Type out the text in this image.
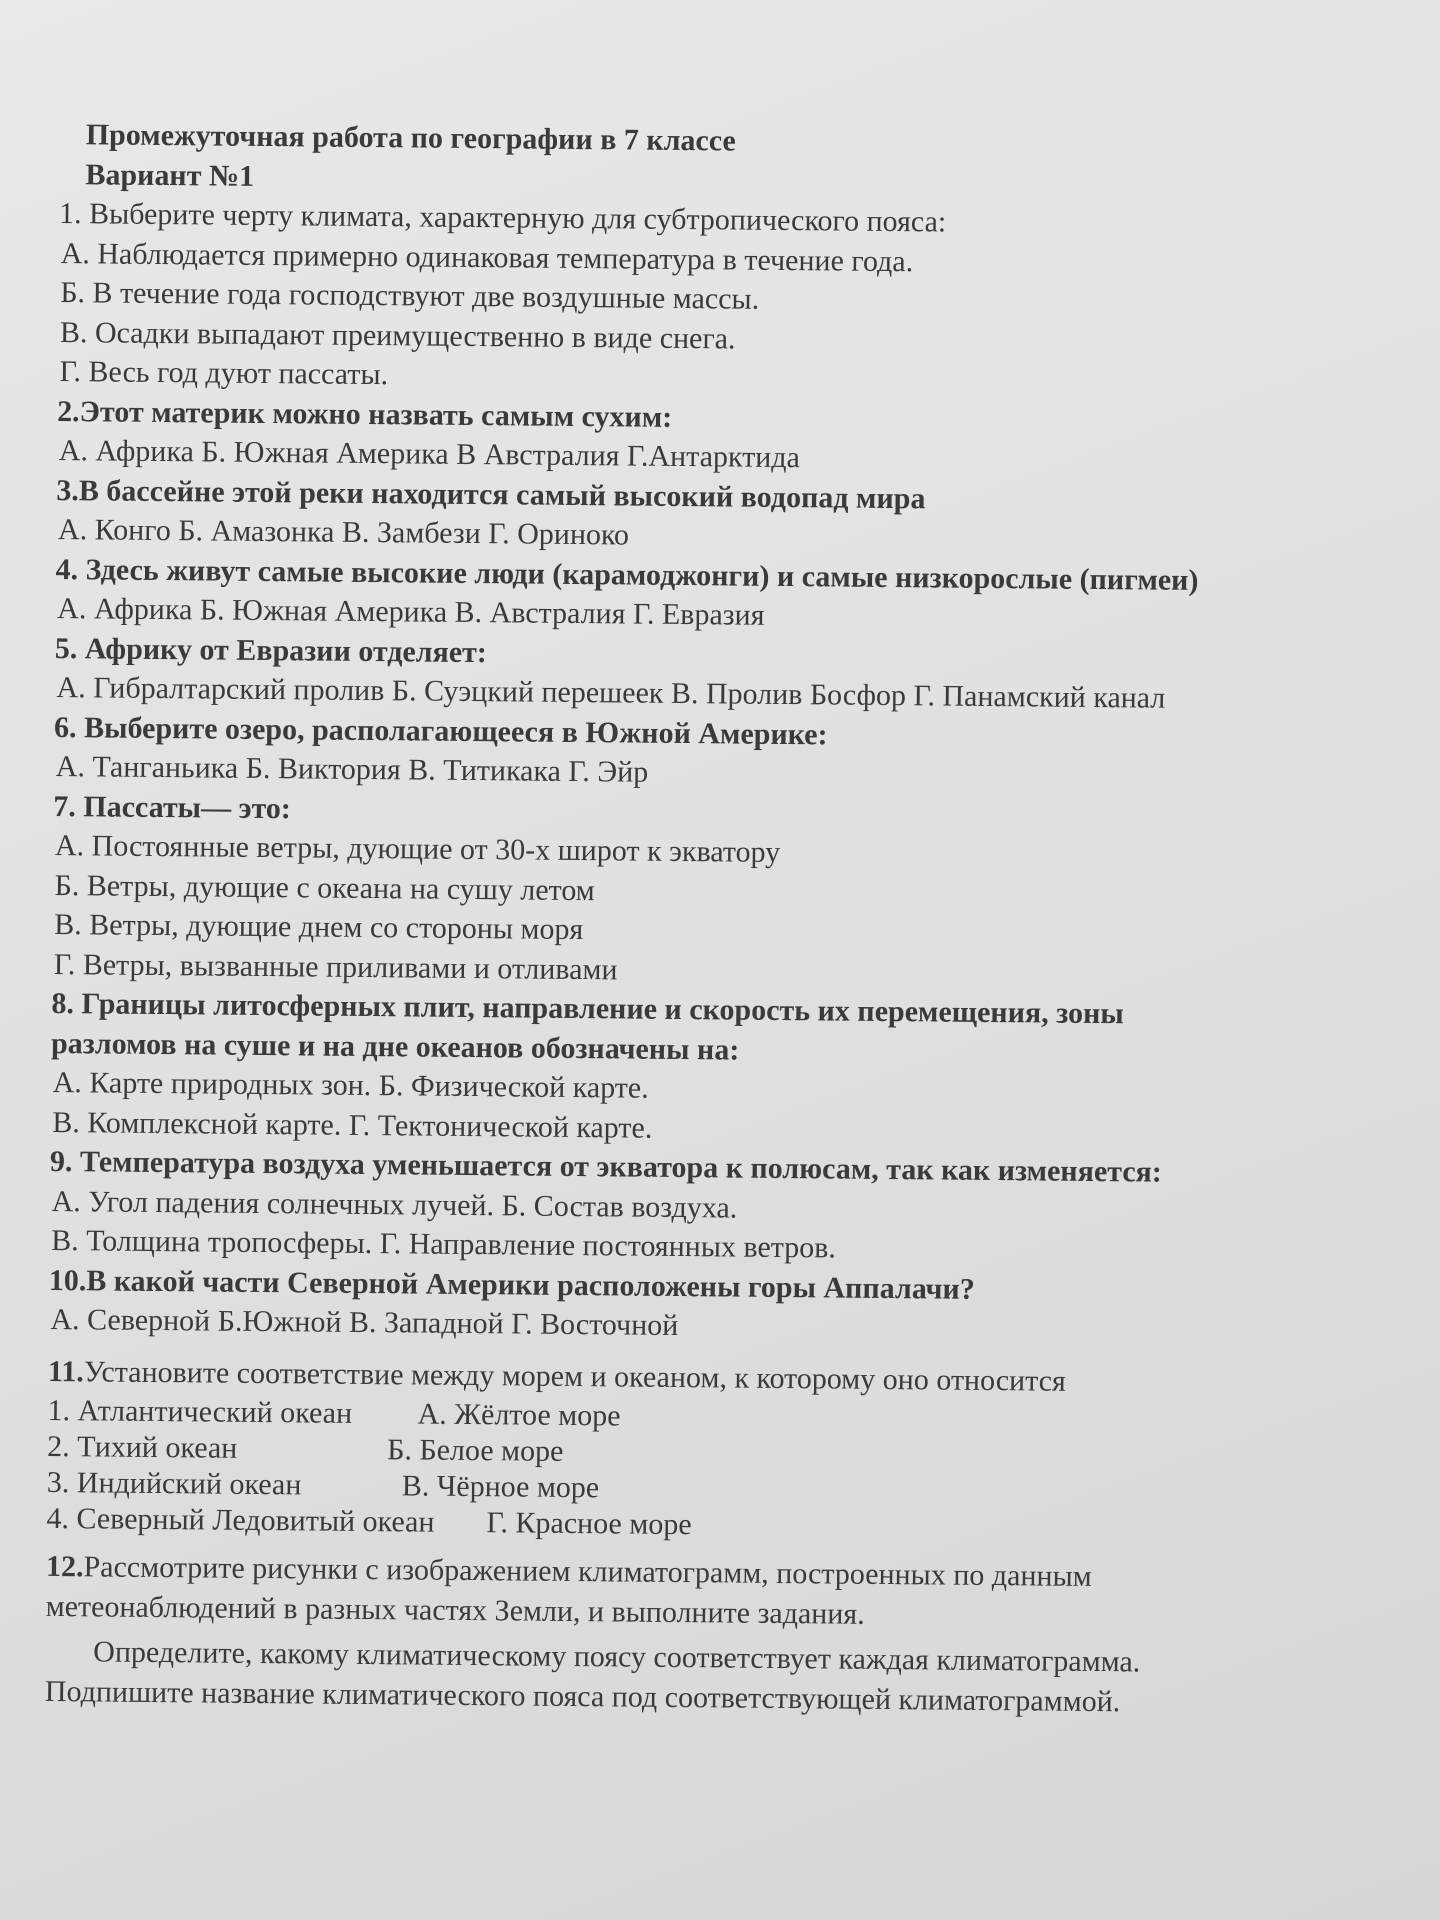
Промежуточная работа по географии в 7 классе
Вариант №1
1. Выберите черту климата, характерную для субтропического пояса:
А. Наблюдается примерно одинаковая температура в течение года.
Б. В течение года господствуют две воздушные массы.
В. Осадки выпадают преимущественно в виде снега.
Г. Весь год дуют пассаты.
2.Этот материк можно назвать самым сухим:
А. Африка Б. Южная Америка В Австралия Г.Антарктида
3.В бассейне этой реки находится самый высокий водопад мира
А. Конго Б. Амазонка В. Замбези Г. Ориноко
4. Здесь живут самые высокие люди (карамоджонги) и самые низкорослые (пигмеи)
А. Африка Б. Южная Америка В. Австралия Г. Евразия
5. Африку от Евразии отделяет:
А. Гибралтарский пролив Б. Суэцкий перешеек В. Пролив Босфор Г. Панамский канал
6. Выберите озеро, располагающееся в Южной Америке:
А. Танганьика Б. Виктория В. Титикака Г. Эйр
7. Пассаты— это:
А. Постоянные ветры, дующие от 30-х широт к экватору
Б. Ветры, дующие с океана на сушу летом
В. Ветры, дующие днем со стороны моря
Г. Ветры, вызванные приливами и отливами
8. Границы литосферных плит, направление и скорость их перемещения, зоны
разломов на суше и на дне океанов обозначены на:
А. Карте природных зон. Б. Физической карте.
В. Комплексной карте. Г. Тектонической карте.
9. Температура воздуха уменьшается от экватора к полюсам, так как изменяется:
А. Угол падения солнечных лучей. Б. Состав воздуха.
В. Толщина тропосферы. Г. Направление постоянных ветров.
10.В какой части Северной Америки расположены горы Аппалачи?
А. Северной Б.Южной В. Западной Г. Восточной
11.Установите соответствие между морем и океаном, к которому оно относится
1. Атлантический океан А. Жёлтое море
2. Тихий океан	Б. Белое море
3. Индийский океан	В. Чёрное море
4. Северный Ледовитый океан Г. Красное море
12.Рассмотрите рисунки с изображением климатограмм, построенных по данным
метеонаблюдений в разных частях Земли, и выполните задания.
Определите, какому климатическому поясу соответствует каждая климатограмма.
Подпишите название климатического пояса под соответствующей климатограммой.
